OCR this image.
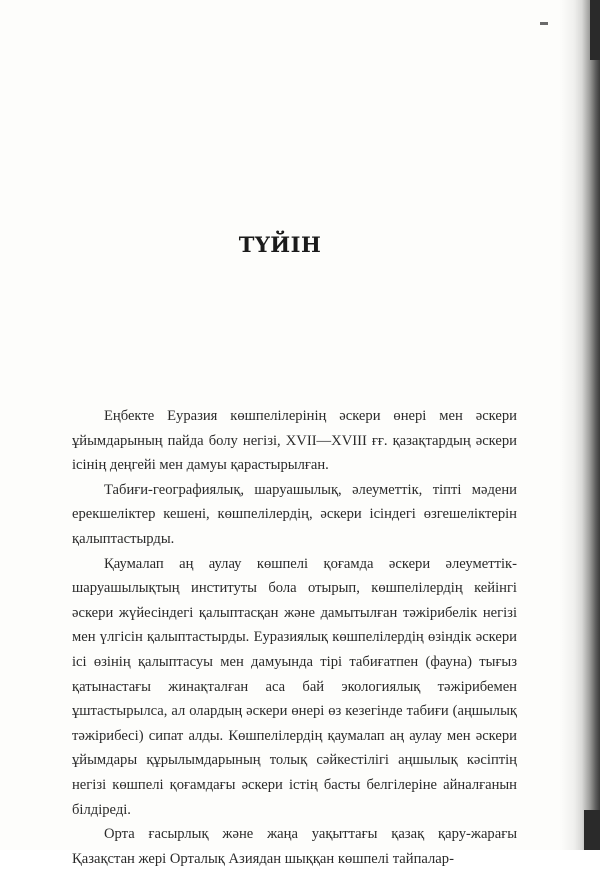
ТҮЙІН

Еңбекте Еуразия көшпелілерінің әскери өнері мен әскери ұйымдарының пайда болу негізі, XVII—XVIII ғғ. қазақтардың әскери ісінің деңгейі мен дамуы қарастырылған.

Табиғи-географиялық, шаруашылық, әлеуметтік, тіпті мәдени ерекшеліктер кешені, көшпелілердің, әскери ісіндегі өзгешеліктерін қалыптастырды.

Қаумалап аң аулау көшпелі қоғамда әскери әлеуметтік-шаруашылықтың институты бола отырып, көшпелілердің кейінгі әскери жүйесіндегі қалыптасқан және дамытылған тәжірибелік негізі мен үлгісін қалыптастырды. Еуразиялық көшпелілердің өзіндік әскери ісі өзінің қалыптасуы мен дамуында тірі табиғатпен (фауна) тығыз қатынастағы жинақталған аса бай экологиялық тәжірибемен ұштастырылса, ал олардың әскери өнері өз кезегінде табиғи (аңшылық тәжірибесі) сипат алды. Көшпелілердің қаумалап аң аулау мен әскери ұйымдары құрылымдарының толық сәйкестілігі аңшылық кәсіптің негізі көшпелі қоғамдағы әскери істің басты белгілеріне айналғанын білдіреді.

Орта ғасырлық және жаңа уақыттағы қазақ қару-жарағы Қазақстан жері Орталық Азиядан шыққан көшпелі тайпалар-
